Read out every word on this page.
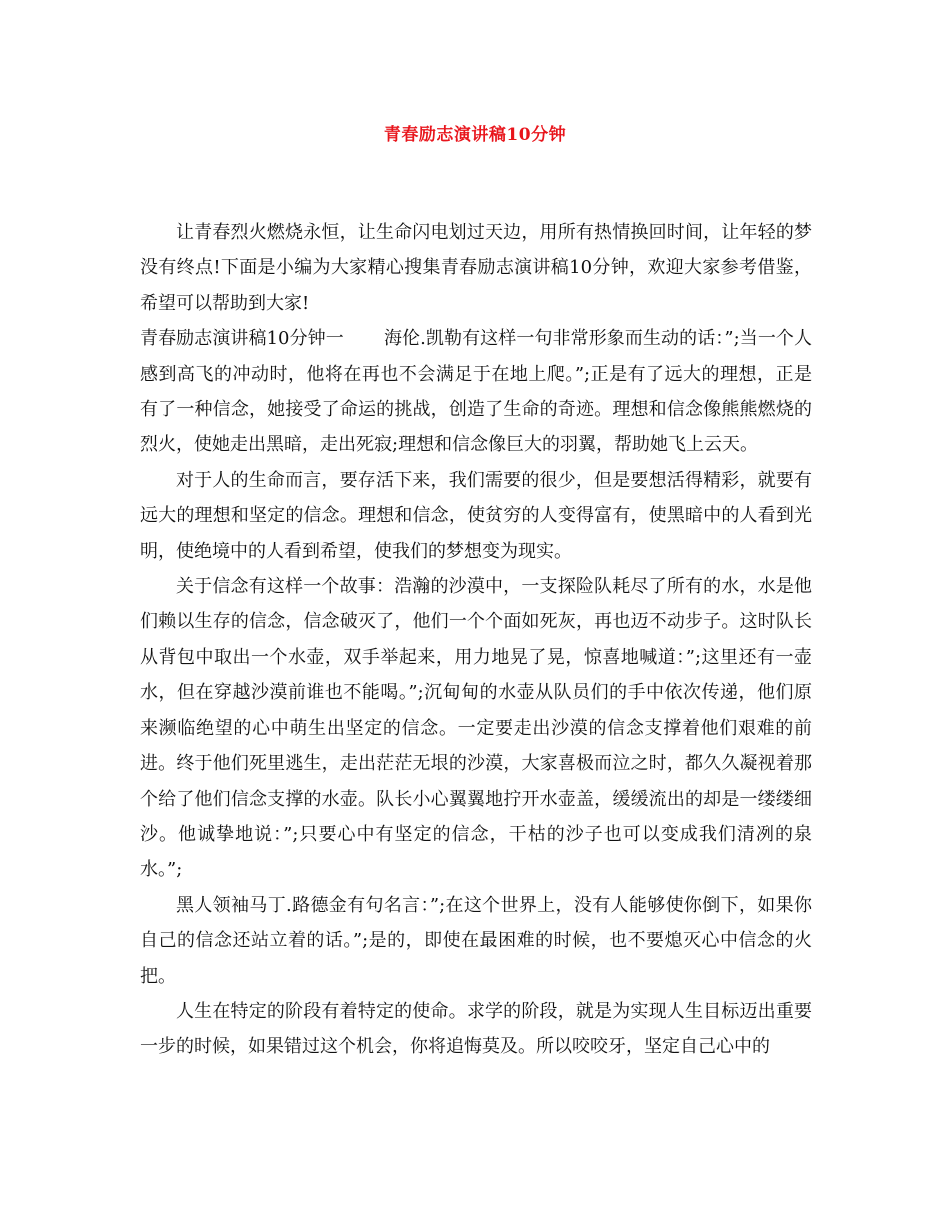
青春励志演讲稿10分钟

让青春烈火燃烧永恒，让生命闪电划过天边，用所有热情换回时间，让年轻的梦没有终点!下面是小编为大家精心搜集青春励志演讲稿10分钟，欢迎大家参考借鉴，希望可以帮助到大家!

青春励志演讲稿10分钟一 海伦.凯勒有这样一句非常形象而生动的话：”;当一个人感到高飞的冲动时，他将在再也不会满足于在地上爬。”;正是有了远大的理想，正是有了一种信念，她接受了命运的挑战，创造了生命的奇迹。理想和信念像熊熊燃烧的烈火，使她走出黑暗，走出死寂;理想和信念像巨大的羽翼，帮助她飞上云天。

对于人的生命而言，要存活下来，我们需要的很少，但是要想活得精彩，就要有远大的理想和坚定的信念。理想和信念，使贫穷的人变得富有，使黑暗中的人看到光明，使绝境中的人看到希望，使我们的梦想变为现实。

关于信念有这样一个故事：浩瀚的沙漠中，一支探险队耗尽了所有的水，水是他们赖以生存的信念，信念破灭了，他们一个个面如死灰，再也迈不动步子。这时队长从背包中取出一个水壶，双手举起来，用力地晃了晃，惊喜地喊道：”;这里还有一壶水，但在穿越沙漠前谁也不能喝。”;沉甸甸的水壶从队员们的手中依次传递，他们原来濒临绝望的心中萌生出坚定的信念。一定要走出沙漠的信念支撑着他们艰难的前进。终于他们死里逃生，走出茫茫无垠的沙漠，大家喜极而泣之时，都久久凝视着那个给了他们信念支撑的水壶。队长小心翼翼地拧开水壶盖，缓缓流出的却是一缕缕细沙。他诚挚地说：”;只要心中有坚定的信念，干枯的沙子也可以变成我们清冽的泉水。”;

黑人领袖马丁.路德金有句名言：”;在这个世界上，没有人能够使你倒下，如果你自己的信念还站立着的话。”;是的，即使在最困难的时候，也不要熄灭心中信念的火把。

人生在特定的阶段有着特定的使命。求学的阶段，就是为实现人生目标迈出重要一步的时候，如果错过这个机会，你将追悔莫及。所以咬咬牙，坚定自己心中的
